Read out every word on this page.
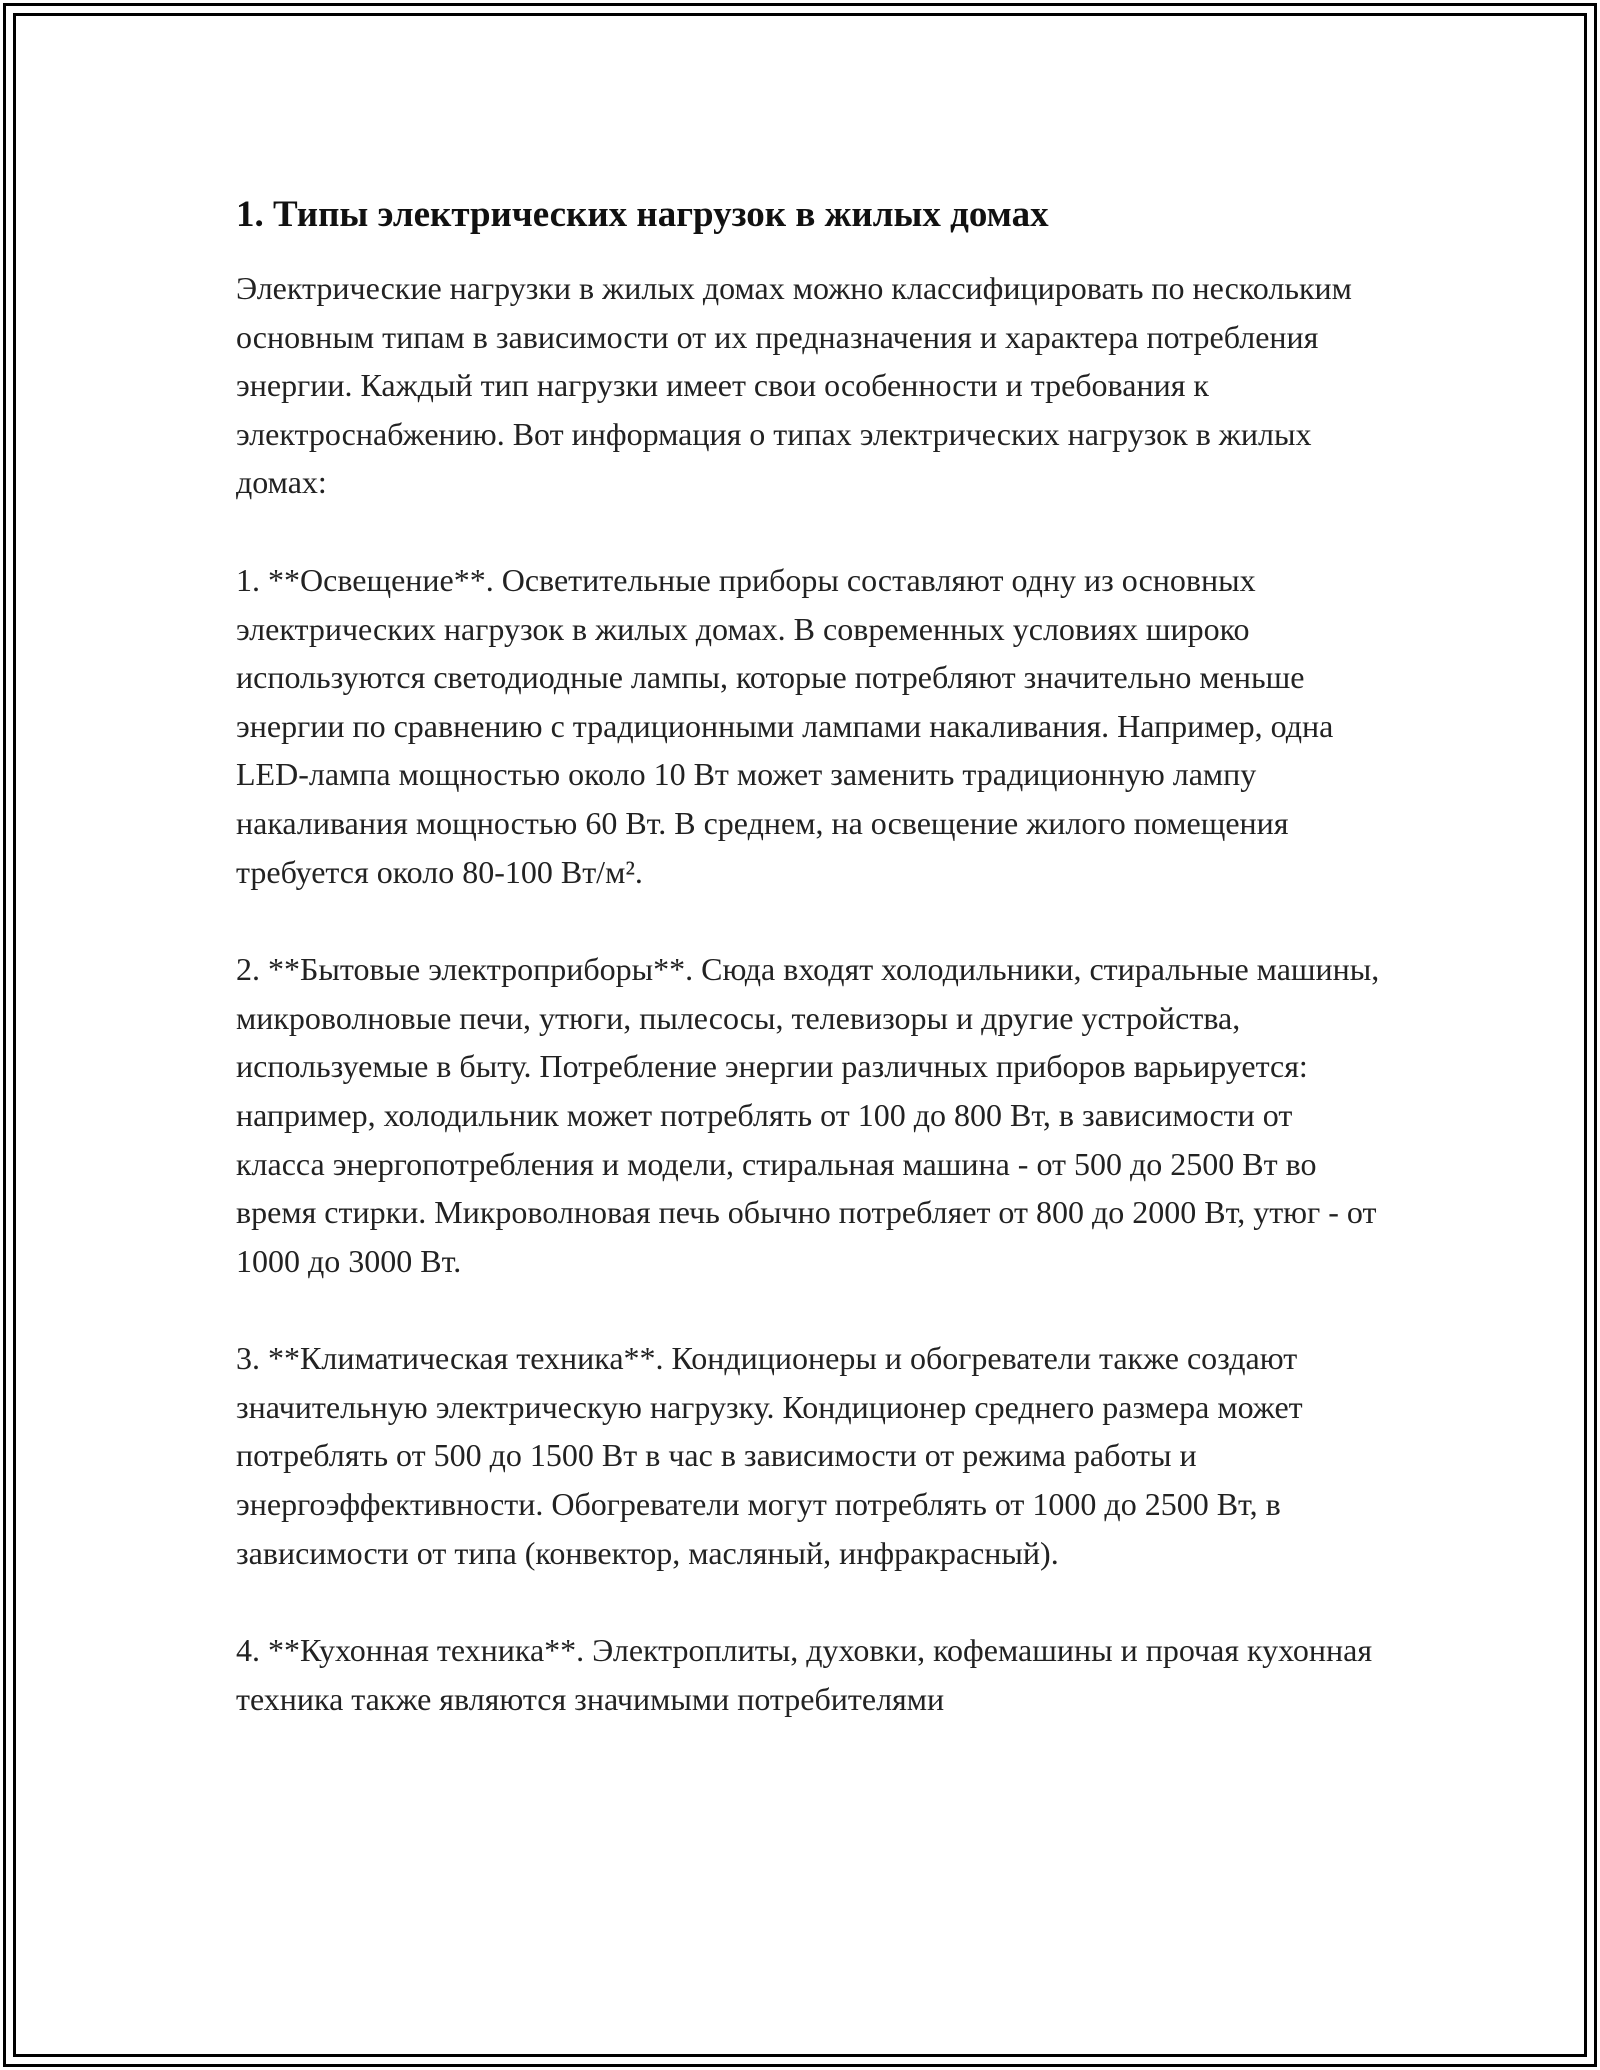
1. Типы электрических нагрузок в жилых домах

Электрические нагрузки в жилых домах можно классифицировать по нескольким основным типам в зависимости от их предназначения и характера потребления энергии. Каждый тип нагрузки имеет свои особенности и требования к электроснабжению. Вот информация о типах электрических нагрузок в жилых домах:

1. **Освещение**. Осветительные приборы составляют одну из основных электрических нагрузок в жилых домах. В современных условиях широко используются светодиодные лампы, которые потребляют значительно меньше энергии по сравнению с традиционными лампами накаливания. Например, одна LED-лампа мощностью около 10 Вт может заменить традиционную лампу накаливания мощностью 60 Вт. В среднем, на освещение жилого помещения требуется около 80-100 Вт/м².

2. **Бытовые электроприборы**. Сюда входят холодильники, стиральные машины, микроволновые печи, утюги, пылесосы, телевизоры и другие устройства, используемые в быту. Потребление энергии различных приборов варьируется: например, холодильник может потреблять от 100 до 800 Вт, в зависимости от класса энергопотребления и модели, стиральная машина - от 500 до 2500 Вт во время стирки. Микроволновая печь обычно потребляет от 800 до 2000 Вт, утюг - от 1000 до 3000 Вт.

3. **Климатическая техника**. Кондиционеры и обогреватели также создают значительную электрическую нагрузку. Кондиционер среднего размера может потреблять от 500 до 1500 Вт в час в зависимости от режима работы и энергоэффективности. Обогреватели могут потреблять от 1000 до 2500 Вт, в зависимости от типа (конвектор, масляный, инфракрасный).

4. **Кухонная техника**. Электроплиты, духовки, кофемашины и прочая кухонная техника также являются значимыми потребителями
